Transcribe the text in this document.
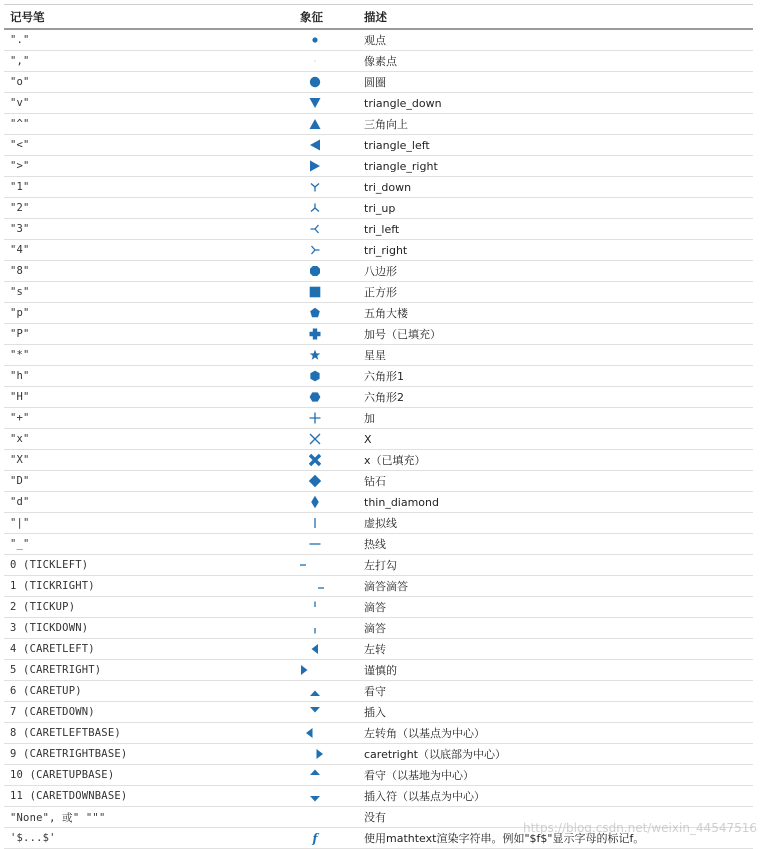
记号笔	象征	描述
"."		观点
","		像素点
"o"		圆圈
"v"		triangle_down
"^"		三角向上
"<"		triangle_left
">"		triangle_right
"1"		tri_down
"2"		tri_up
"3"		tri_left
"4"		tri_right
"8"		八边形
"s"		正方形
"p"		五角大楼
"P"		加号（已填充）
"*"		星星
"h"		六角形1
"H"		六角形2
"+"		加
"x"		X
"X"		x（已填充）
"D"		钻石
"d"		thin_diamond
"|"		虚拟线
"_"		热线
0 (TICKLEFT)		左打勾
1 (TICKRIGHT)		滴答滴答
2 (TICKUP)		滴答
3 (TICKDOWN)		滴答
4 (CARETLEFT)		左转
5 (CARETRIGHT)		谨慎的
6 (CARETUP)		看守
7 (CARETDOWN)		插入
8 (CARETLEFTBASE)		左转角（以基点为中心）
9 (CARETRIGHTBASE)		caretright（以底部为中心）
10 (CARETUPBASE)		看守（以基地为中心）
11 (CARETDOWNBASE)		插入符（以基点为中心）
"None", 或" """		没有
'$...$'	f	使用mathtext渲染字符串。例如"$f$"显示字母的标记f。
https://blog.csdn.net/weixin_44547516
